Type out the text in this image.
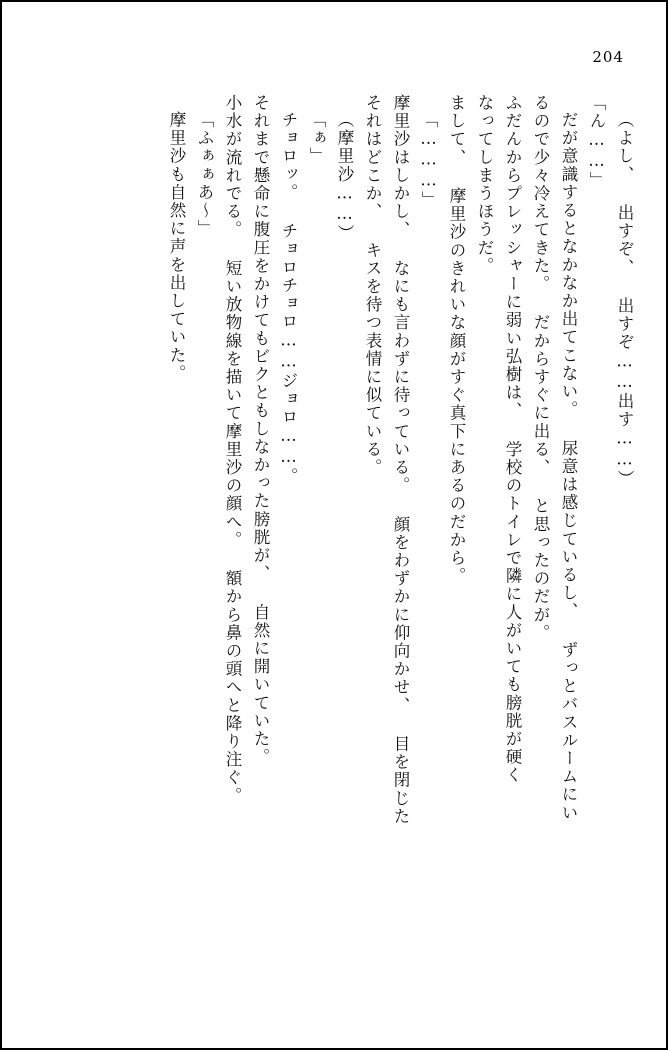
204
（よし、 出すぞ、 出すぞ……出す……）
「ん……」
だが意識するとなかなか出てこない。 尿意は感じているし、 ずっとバスルームにい
るので少々冷えてきた。 だからすぐに出る、 と思ったのだが。
ふだんからプレッシャーに弱い弘樹は、 学校のトイレで隣に人がいても膀胱が硬く
なってしまうほうだ。
まして、 摩里沙のきれいな顔がすぐ真下にあるのだから。
「………」
摩里沙はしかし、 なにも言わずに待っている。 顔をわずかに仰向かせ、 目を閉じた
それはどこか、 キスを待つ表情に似ている。
（摩里沙……）
「ぁ」
チョロッ。 チョロチョロ……ジョロ……。
それまで懸命に腹圧をかけてもビクともしなかった膀胱が、 自然に開いていた。
小水が流れでる。 短い放物線を描いて摩里沙の顔へ。 額から鼻の頭へと降り注ぐ。
「ふぁぁあ～」
摩里沙も自然に声を出していた。
